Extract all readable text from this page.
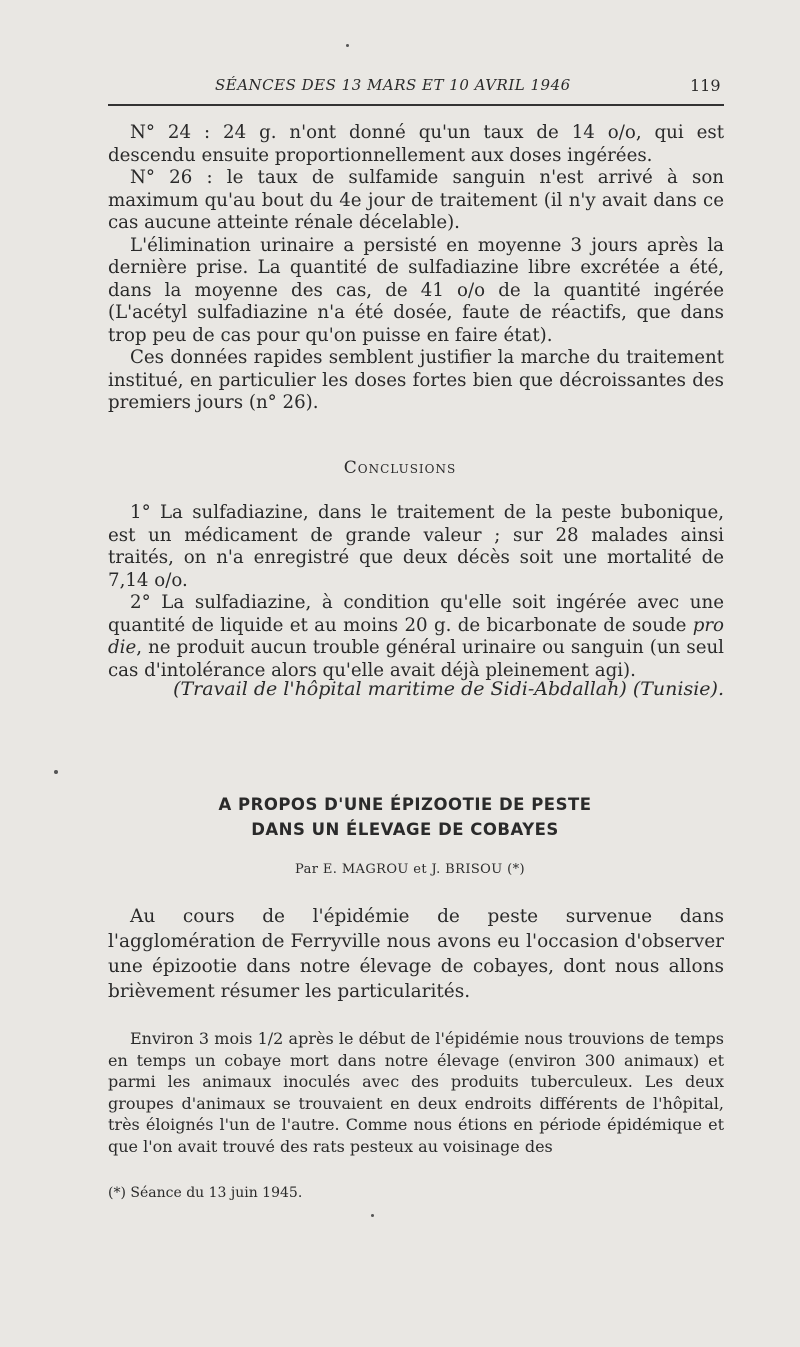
SÉANCES DES 13 MARS ET 10 AVRIL 1946	119

N° 24 : 24 g. n'ont donné qu'un taux de 14 o/o, qui est descendu ensuite proportionnellement aux doses ingérées.

N° 26 : le taux de sulfamide sanguin n'est arrivé à son maximum qu'au bout du 4e jour de traitement (il n'y avait dans ce cas aucune atteinte rénale décelable).

L'élimination urinaire a persisté en moyenne 3 jours après la dernière prise. La quantité de sulfadiazine libre excrétée a été, dans la moyenne des cas, de 41 o/o de la quantité ingérée (L'acétyl sulfadiazine n'a été dosée, faute de réactifs, que dans trop peu de cas pour qu'on puisse en faire état).

Ces données rapides semblent justifier la marche du traitement institué, en particulier les doses fortes bien que décroissantes des premiers jours (n° 26).

Conclusions

1° La sulfadiazine, dans le traitement de la peste bubonique, est un médicament de grande valeur ; sur 28 malades ainsi traités, on n'a enregistré que deux décès soit une mortalité de 7,14 o/o.

2° La sulfadiazine, à condition qu'elle soit ingérée avec une quantité de liquide et au moins 20 g. de bicarbonate de soude pro die, ne produit aucun trouble général urinaire ou sanguin (un seul cas d'intolérance alors qu'elle avait déjà pleinement agi).

(Travail de l'hôpital maritime de Sidi-Abdallah) (Tunisie).
A PROPOS D'UNE ÉPIZOOTIE DE PESTE
DANS UN ÉLEVAGE DE COBAYES
Par E. MAGROU et J. BRISOU (*)

Au cours de l'épidémie de peste survenue dans l'agglomération de Ferryville nous avons eu l'occasion d'observer une épizootie dans notre élevage de cobayes, dont nous allons brièvement résumer les particularités.

Environ 3 mois 1/2 après le début de l'épidémie nous trouvions de temps en temps un cobaye mort dans notre élevage (environ 300 animaux) et parmi les animaux inoculés avec des produits tuberculeux. Les deux groupes d'animaux se trouvaient en deux endroits différents de l'hôpital, très éloignés l'un de l'autre. Comme nous étions en période épidémique et que l'on avait trouvé des rats pesteux au voisinage des

(*) Séance du 13 juin 1945.
